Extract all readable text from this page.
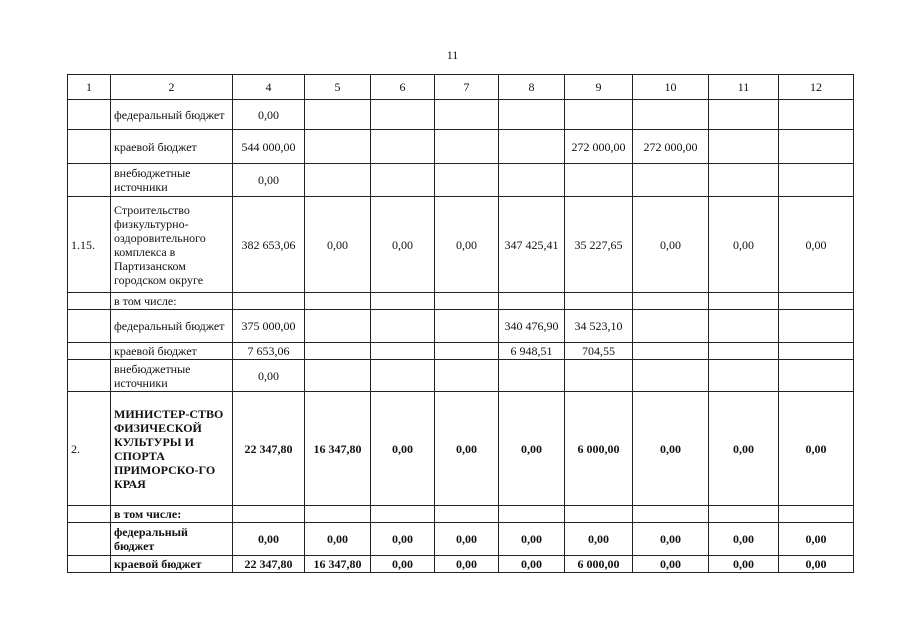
11
1	2	4	5	6	7	8	9	10	11	12
	федеральный бюджет	0,00								
	краевой бюджет	544 000,00					272 000,00	272 000,00		
	внебюджетные источники	0,00								
1.15.	Строительство физкультурно-оздоровительного комплекса в Партизанском городском округе	382 653,06	0,00	0,00	0,00	347 425,41	35 227,65	0,00	0,00	0,00
	в том числе:									
	федеральный бюджет	375 000,00				340 476,90	34 523,10			
	краевой бюджет	7 653,06				6 948,51	704,55			
	внебюджетные источники	0,00								
2.	МИНИСТЕР-СТВО ФИЗИЧЕСКОЙ КУЛЬТУРЫ И СПОРТА ПРИМОРСКО-ГО КРАЯ	22 347,80	16 347,80	0,00	0,00	0,00	6 000,00	0,00	0,00	0,00
	в том числе:									
	федеральный бюджет	0,00	0,00	0,00	0,00	0,00	0,00	0,00	0,00	0,00
	краевой бюджет	22 347,80	16 347,80	0,00	0,00	0,00	6 000,00	0,00	0,00	0,00
